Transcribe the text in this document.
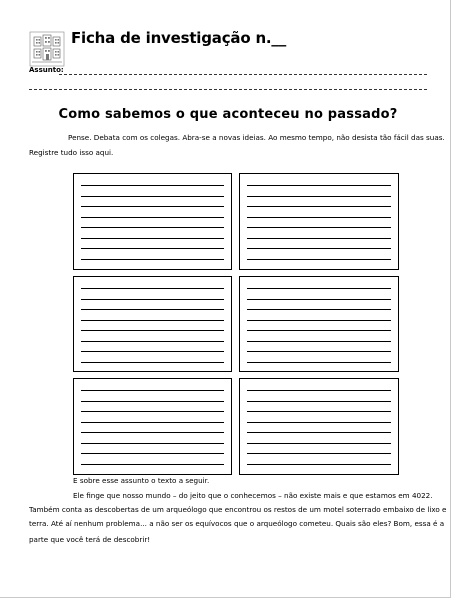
Ficha de investigação n.__
Assunto:
Como sabemos o que aconteceu no passado?
Pense. Debata com os colegas. Abra-se a novas ideias. Ao mesmo tempo, não desista tão fácil das suas.
Registre tudo isso aqui.
E sobre esse assunto o texto a seguir.
Ele finge que nosso mundo – do jeito que o conhecemos – não existe mais e que estamos em 4022.
Também conta as descobertas de um arqueólogo que encontrou os restos de um motel soterrado embaixo de lixo e
terra. Até aí nenhum problema... a não ser os equívocos que o arqueólogo cometeu. Quais são eles? Bom, essa é a
parte que você terá de descobrir!
